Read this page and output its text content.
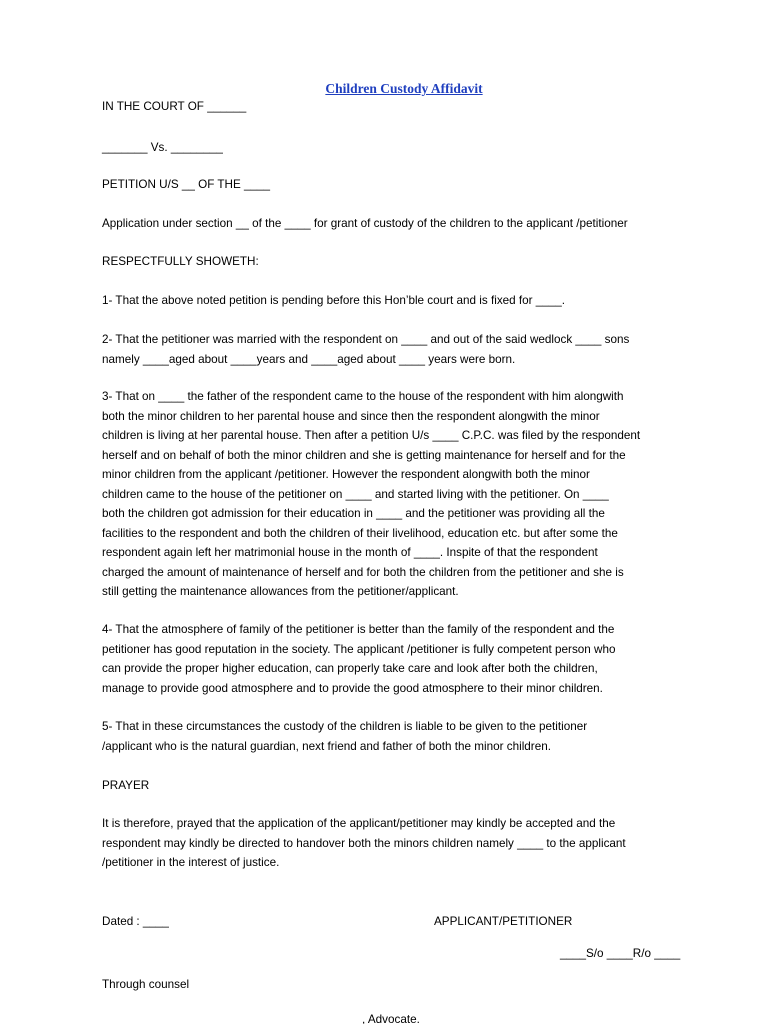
Children Custody Affidavit
IN THE COURT OF ______
_______ Vs. ________
PETITION U/S __ OF THE ____
Application under section __ of the ____ for grant of custody of the children to the applicant /petitioner
RESPECTFULLY SHOWETH:
1- That the above noted petition is pending before this Hon’ble court and is fixed for ____.
2- That the petitioner was married with the respondent on ____ and out of the said wedlock ____ sons
namely ____aged about ____years and ____aged about ____ years were born.
3- That on ____ the father of the respondent came to the house of the respondent with him alongwith
both the minor children to her parental house and since then the respondent alongwith the minor
children is living at her parental house. Then after a petition U/s ____ C.P.C. was filed by the respondent
herself and on behalf of both the minor children and she is getting maintenance for herself and for the
minor children from the applicant /petitioner. However the respondent alongwith both the minor
children came to the house of the petitioner on ____ and started living with the petitioner. On ____
both the children got admission for their education in ____ and the petitioner was providing all the
facilities to the respondent and both the children of their livelihood, education etc. but after some the
respondent again left her matrimonial house in the month of ____. Inspite of that the respondent
charged the amount of maintenance of herself and for both the children from the petitioner and she is
still getting the maintenance allowances from the petitioner/applicant.
4- That the atmosphere of family of the petitioner is better than the family of the respondent and the
petitioner has good reputation in the society. The applicant /petitioner is fully competent person who
can provide the proper higher education, can properly take care and look after both the children,
manage to provide good atmosphere and to provide the good atmosphere to their minor children.
5- That in these circumstances the custody of the children is liable to be given to the petitioner
/applicant who is the natural guardian, next friend and father of both the minor children.
PRAYER
It is therefore, prayed that the application of the applicant/petitioner may kindly be accepted and the
respondent may kindly be directed to handover both the minors children namely ____ to the applicant
/petitioner in the interest of justice.
Dated : ____	APPLICANT/PETITIONER
____S/o ____R/o ____
Through counsel
, Advocate.
